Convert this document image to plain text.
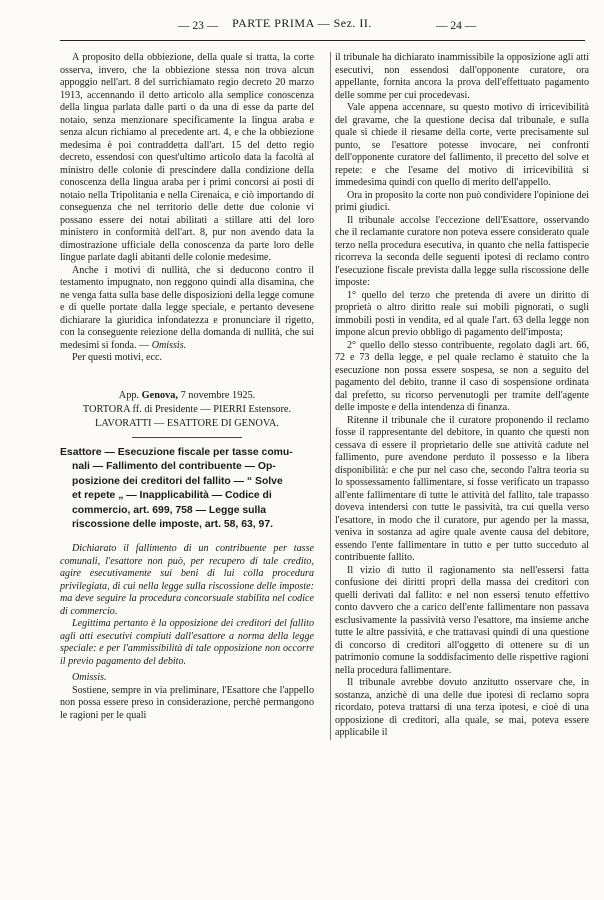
— 23 —	PARTE PRIMA — Sez. II.	— 24 —

A proposito della obbiezione, della quale si tratta, la corte osserva, invero, che la obbiezione stessa non trova alcun appoggio nell'art. 8 del surrichiamato regio decreto 20 marzo 1913, accennando il detto articolo alla semplice conoscenza della lingua parlata dalle parti o da una di esse da parte del notaio, senza menzionare specificamente la lingua araba e senza alcun richiamo al precedente art. 4, e che la obbiezione medesima è poi contraddetta dall'art. 15 del detto regio decreto, essendosi con quest'ultimo articolo data la facoltà al ministro delle colonie di prescindere dalla condizione della conoscenza della lingua araba per i primi concorsi ai posti di notaio nella Tripolitania e nella Cirenaica, e ciò importando di conseguenza che nel territorio delle dette due colonie vi possano essere dei notai abilitati a stillare atti del loro ministero in conformità dell'art. 8, pur non avendo data la dimostrazione ufficiale della conoscenza da parte loro delle lingue parlate dagli abitanti delle colonie medesime.

Anche i motivi di nullità, che si deducono contro il testamento impugnato, non reggono quindi alla disamina, che ne venga fatta sulla base delle disposizioni della legge comune e di quelle portate dalla legge speciale, e pertanto devesene dichiarare la giuridica infondatezza e pronunciare il rigetto, con la conseguente reiezione della domanda di nullità, che sui medesimi si fonda. — Omissis.

Per questi motivi, ecc.

App. Genova, 7 novembre 1925.
TORTORA ff. di Presidente — PIERRI Estensore.
LAVORATTI — ESATTORE DI GENOVA.
Esattore — Esecuzione fiscale per tasse comu-
nali — Fallimento del contribuente — Op-
posizione dei creditori del fallito — “ Solve
et repete „ — Inapplicabilità — Codice di
commercio, art. 699, 758 — Legge sulla
riscossione delle imposte, art. 58, 63, 97.

Dichiarato il fallimento di un contribuente per tasse comunali, l'esattore non può, per recupero di tale credito, agire esecutivamente sui beni di lui colla procedura privilegiata, di cui nella legge sulla riscossione delle imposte: ma deve seguire la procedura concorsuale stabilita nel codice di commercio.

Legittima pertanto è la opposizione dei creditori del fallito agli atti esecutivi compiuti dall'esattore a norma della legge speciale: e per l'ammissibilità di tale opposizione non occorre il previo pagamento del debito.

Omissis.

Sostiene, sempre in via preliminare, l'Esattore che l'appello non possa essere preso in considerazione, perchè permangono le ragioni per le quali

il tribunale ha dichiarato inammissibile la opposizione agli atti esecutivi, non essendosi dall'opponente curatore, ora appellante, fornita ancora la prova dell'effettuato pagamento delle somme per cui procedevasi.

Vale appena accennare, su questo motivo di irricevibilità del gravame, che la questione decisa dal tribunale, e sulla quale si chiede il riesame della corte, verte precisamente sul punto, se l'esattore potesse invocare, nei confronti dell'opponente curatore del fallimento, il precetto del solve et repete: e che l'esame del motivo di irricevibilità si immedesima quindi con quello di merito dell'appello.

Ora in proposito la corte non può condividere l'opinione dei primi giudici.

Il tribunale accolse l'eccezione dell'Esattore, osservando che il reclamante curatore non poteva essere considerato quale terzo nella procedura esecutiva, in quanto che nella fattispecie ricorreva la seconda delle seguenti ipotesi di reclamo contro l'esecuzione fiscale prevista dalla legge sulla riscossione delle imposte:

1° quello del terzo che pretenda di avere un diritto di proprietà o altro diritto reale sui mobili pignorati, o sugli immobili posti in vendita, ed al quale l'art. 63 della legge non impone alcun previo obbligo di pagamento dell'imposta;

2° quello dello stesso contribuente, regolato dagli art. 66, 72 e 73 della legge, e pel quale reclamo è statuito che la esecuzione non possa essere sospesa, se non a seguito del pagamento del debito, tranne il caso di sospensione ordinata dal prefetto, su ricorso pervenutogli per tramite dell'agente delle imposte e della intendenza di finanza.

Ritenne il tribunale che il curatore proponendo il reclamo fosse il rappresentante del debitore, in quanto che questi non cessava di essere il proprietario delle sue attività cadute nel fallimento, pure avendone perduto il possesso e la libera disponibilità: e che pur nel caso che, secondo l'altra teoria su lo spossessamento fallimentare, si fosse verificato un trapasso all'ente fallimentare di tutte le attività del fallito, tale trapasso doveva intendersi con tutte le passività, tra cui quella verso l'esattore, in modo che il curatore, pur agendo per la massa, veniva in sostanza ad agire quale avente causa del debitore, essendo l'ente fallimentare in tutto e per tutto succeduto al contribuente fallito.

Il vizio di tutto il ragionamento sta nell'essersi fatta confusione dei diritti propri della massa dei creditori con quelli derivati dal fallito: e nel non essersi tenuto effettivo conto davvero che a carico dell'ente fallimentare non passava esclusivamente la passività verso l'esattore, ma insieme anche tutte le altre passività, e che trattavasi quindi di una questione di concorso di creditori all'oggetto di ottenere su di un patrimonio comune la soddisfacimento delle rispettive ragioni nella procedura fallimentare.

Il tribunale avrebbe dovuto anzitutto osservare che, in sostanza, anzichè di una delle due ipotesi di reclamo sopra ricordato, poteva trattarsi di una terza ipotesi, e cioè di una opposizione di creditori, alla quale, se mai, poteva essere applicabile il
